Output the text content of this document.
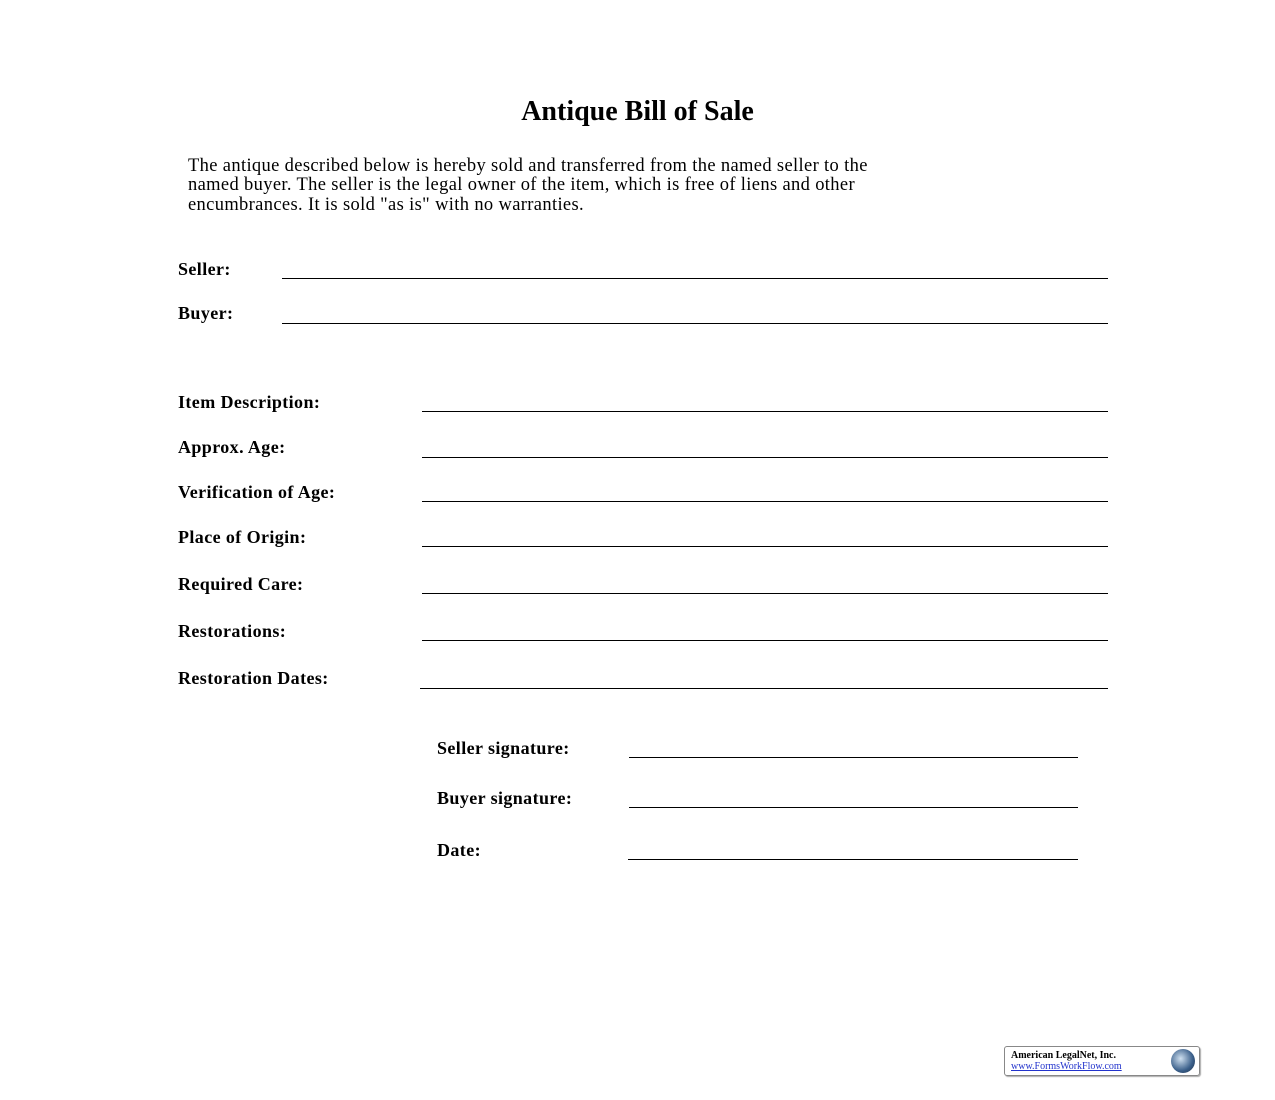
Antique Bill of Sale
The antique described below is hereby sold and transferred from the named seller to the
named buyer. The seller is the legal owner of the item, which is free of liens and other
encumbrances. It is sold "as is" with no warranties.
Seller:
Buyer:
Item Description:
Approx. Age:
Verification of Age:
Place of Origin:
Required Care:
Restorations:
Restoration Dates:
Seller signature:
Buyer signature:
Date:
American LegalNet, Inc.
www.FormsWorkFlow.com
